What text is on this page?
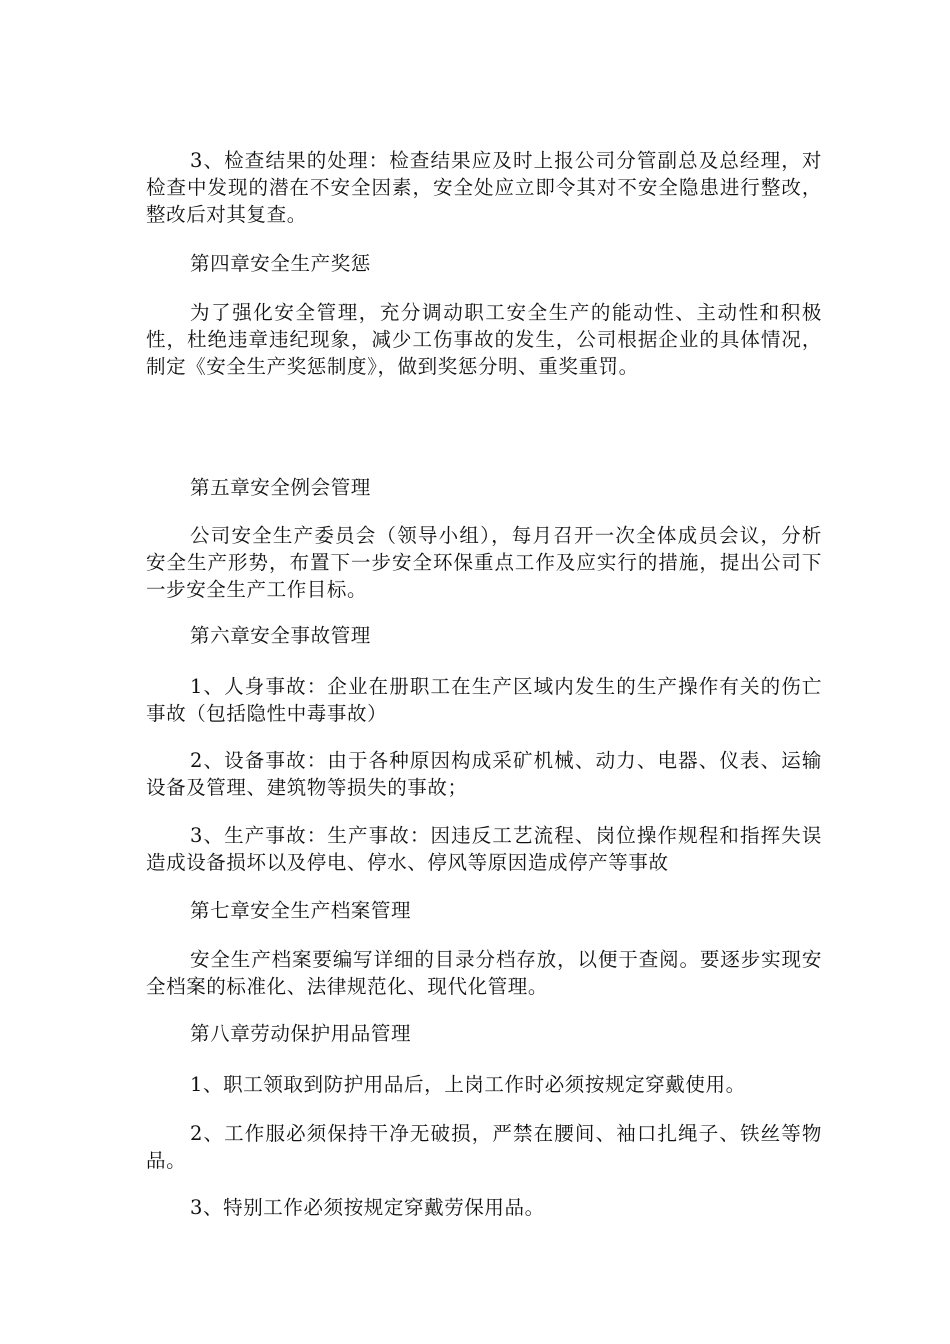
3、检查结果的处理：检查结果应及时上报公司分管副总及总经理，对检查中发现的潜在不安全因素，安全处应立即令其对不安全隐患进行整改，整改后对其复查。

第四章安全生产奖惩

为了强化安全管理，充分调动职工安全生产的能动性、主动性和积极性，杜绝违章违纪现象，减少工伤事故的发生，公司根据企业的具体情况，制定《安全生产奖惩制度》，做到奖惩分明、重奖重罚。

第五章安全例会管理

公司安全生产委员会（领导小组），每月召开一次全体成员会议，分析安全生产形势，布置下一步安全环保重点工作及应实行的措施，提出公司下一步安全生产工作目标。

第六章安全事故管理

1、人身事故：企业在册职工在生产区域内发生的生产操作有关的伤亡事故（包括隐性中毒事故）

2、设备事故：由于各种原因构成采矿机械、动力、电器、仪表、运输设备及管理、建筑物等损失的事故；

3、生产事故：生产事故：因违反工艺流程、岗位操作规程和指挥失误造成设备损坏以及停电、停水、停风等原因造成停产等事故

第七章安全生产档案管理

安全生产档案要编写详细的目录分档存放，以便于查阅。要逐步实现安全档案的标准化、法律规范化、现代化管理。

第八章劳动保护用品管理

1、职工领取到防护用品后，上岗工作时必须按规定穿戴使用。

2、工作服必须保持干净无破损，严禁在腰间、袖口扎绳子、铁丝等物品。

3、特别工作必须按规定穿戴劳保用品。
